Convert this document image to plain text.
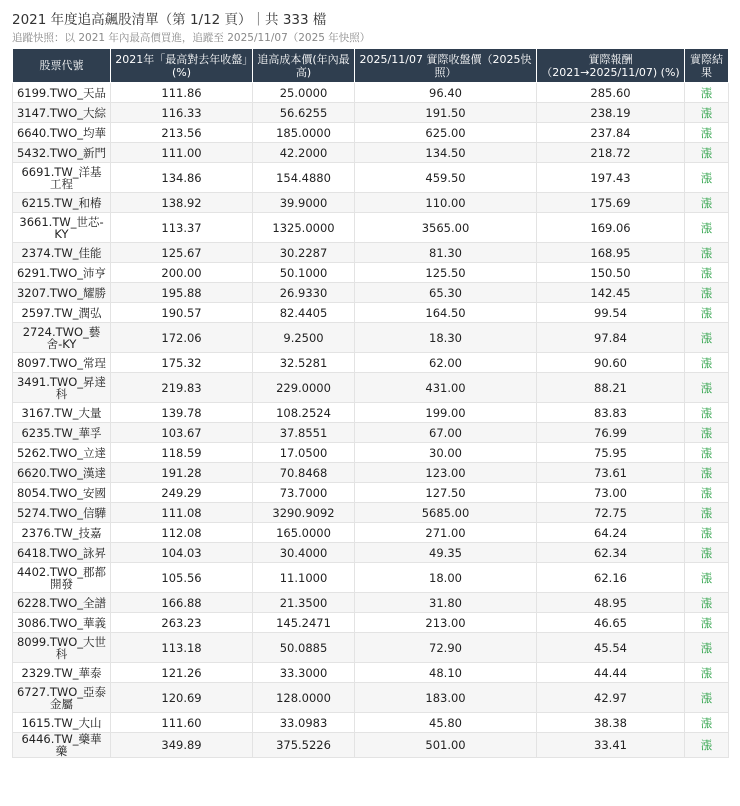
2021 年度追高飆股清單（第 1/12 頁）｜共 333 檔
追蹤快照：以 2021 年內最高價買進，追蹤至 2025/11/07（2025 年快照）
股票代號	2021年「最高對去年收盤」(%)	追高成本價(年內最高)	2025/11/07 實際收盤價（2025快照）	實際報酬（2021→2025/11/07) (%)	實際結果
6199.TWO_天品	111.86	25.0000	96.40	285.60	漲
3147.TWO_大綜	116.33	56.6255	191.50	238.19	漲
6640.TWO_均華	213.56	185.0000	625.00	237.84	漲
5432.TWO_新門	111.00	42.2000	134.50	218.72	漲
6691.TW_洋基工程	134.86	154.4880	459.50	197.43	漲
6215.TW_和椿	138.92	39.9000	110.00	175.69	漲
3661.TW_世芯-KY	113.37	1325.0000	3565.00	169.06	漲
2374.TW_佳能	125.67	30.2287	81.30	168.95	漲
6291.TWO_沛亨	200.00	50.1000	125.50	150.50	漲
3207.TWO_耀勝	195.88	26.9330	65.30	142.45	漲
2597.TW_潤弘	190.57	82.4405	164.50	99.54	漲
2724.TWO_藝舍-KY	172.06	9.2500	18.30	97.84	漲
8097.TWO_常珵	175.32	32.5281	62.00	90.60	漲
3491.TWO_昇達科	219.83	229.0000	431.00	88.21	漲
3167.TW_大量	139.78	108.2524	199.00	83.83	漲
6235.TW_華孚	103.67	37.8551	67.00	76.99	漲
5262.TWO_立達	118.59	17.0500	30.00	75.95	漲
6620.TWO_漢達	191.28	70.8468	123.00	73.61	漲
8054.TWO_安國	249.29	73.7000	127.50	73.00	漲
5274.TWO_信驊	111.08	3290.9092	5685.00	72.75	漲
2376.TW_技嘉	112.08	165.0000	271.00	64.24	漲
6418.TWO_詠昇	104.03	30.4000	49.35	62.34	漲
4402.TWO_郡都開發	105.56	11.1000	18.00	62.16	漲
6228.TWO_全譜	166.88	21.3500	31.80	48.95	漲
3086.TWO_華義	263.23	145.2471	213.00	46.65	漲
8099.TWO_大世科	113.18	50.0885	72.90	45.54	漲
2329.TW_華泰	121.26	33.3000	48.10	44.44	漲
6727.TWO_亞泰金屬	120.69	128.0000	183.00	42.97	漲
1615.TW_大山	111.60	33.0983	45.80	38.38	漲
6446.TW_藥華藥	349.89	375.5226	501.00	33.41	漲
